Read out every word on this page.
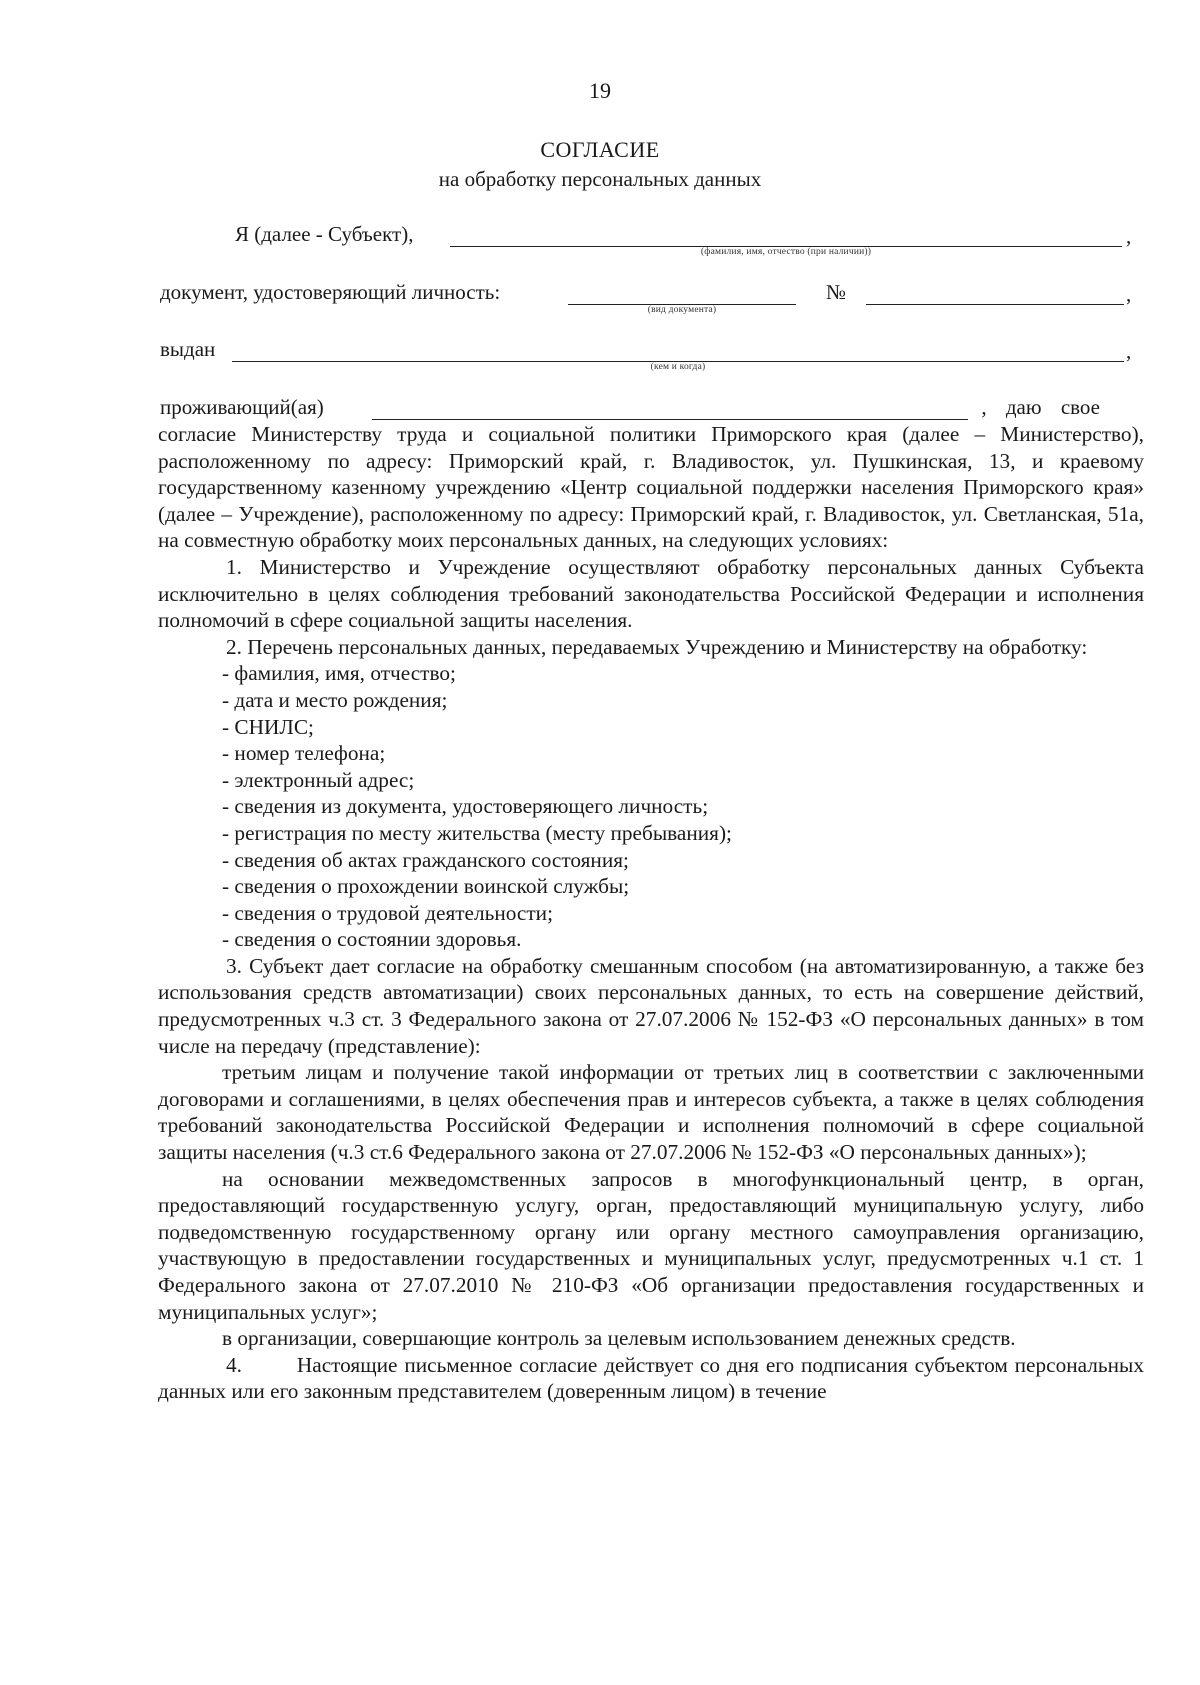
19
СОГЛАСИЕ
на обработку персональных данных
Я (далее - Субъект),	,
(фамилия, имя, отчество (при наличии))
документ, удостоверяющий личность:
(вид документа)
№	,
выдан	,
(кем и когда)
проживающий(ая)	, даю свое

согласие Министерству труда и социальной политики Приморского края (далее – Министерство), расположенному по адресу: Приморский край, г. Владивосток, ул. Пушкинская, 13, и краевому государственному казенному учреждению «Центр социальной поддержки населения Приморского края» (далее – Учреждение), расположенному по адресу: Приморский край, г. Владивосток, ул. Светланская, 51а, на совместную обработку моих персональных данных, на следующих условиях:

1. Министерство и Учреждение осуществляют обработку персональных данных Субъекта исключительно в целях соблюдения требований законодательства Российской Федерации и исполнения полномочий в сфере социальной защиты населения.

2. Перечень персональных данных, передаваемых Учреждению и Министерству на обработку:

- фамилия, имя, отчество;

- дата и место рождения;

- СНИЛС;

- номер телефона;

- электронный адрес;

- сведения из документа, удостоверяющего личность;

- регистрация по месту жительства (месту пребывания);

- сведения об актах гражданского состояния;

- сведения о прохождении воинской службы;

- сведения о трудовой деятельности;

- сведения о состоянии здоровья.

3. Субъект дает согласие на обработку смешанным способом (на автоматизированную, а также без использования средств автоматизации) своих персональных данных, то есть на совершение действий, предусмотренных ч.3 ст. 3 Федерального закона от 27.07.2006 № 152-ФЗ «О персональных данных» в том числе на передачу (представление):

третьим лицам и получение такой информации от третьих лиц в соответствии с заключенными договорами и соглашениями, в целях обеспечения прав и интересов субъекта, а также в целях соблюдения требований законодательства Российской Федерации и исполнения полномочий в сфере социальной защиты населения (ч.3 ст.6 Федерального закона от 27.07.2006 № 152-ФЗ «О персональных данных»);

на основании межведомственных запросов в многофункциональный центр, в орган, предоставляющий государственную услугу, орган, предоставляющий муниципальную услугу, либо подведомственную государственному органу или органу местного самоуправления организацию, участвующую в предоставлении государственных и муниципальных услуг, предусмотренных ч.1 ст. 1 Федерального закона от 27.07.2010 № 210-ФЗ «Об организации предоставления государственных и муниципальных услуг»;

в организации, совершающие контроль за целевым использованием денежных средств.

4.        Настоящие письменное согласие действует со дня его подписания субъектом персональных данных или его законным представителем (доверенным лицом) в течение
